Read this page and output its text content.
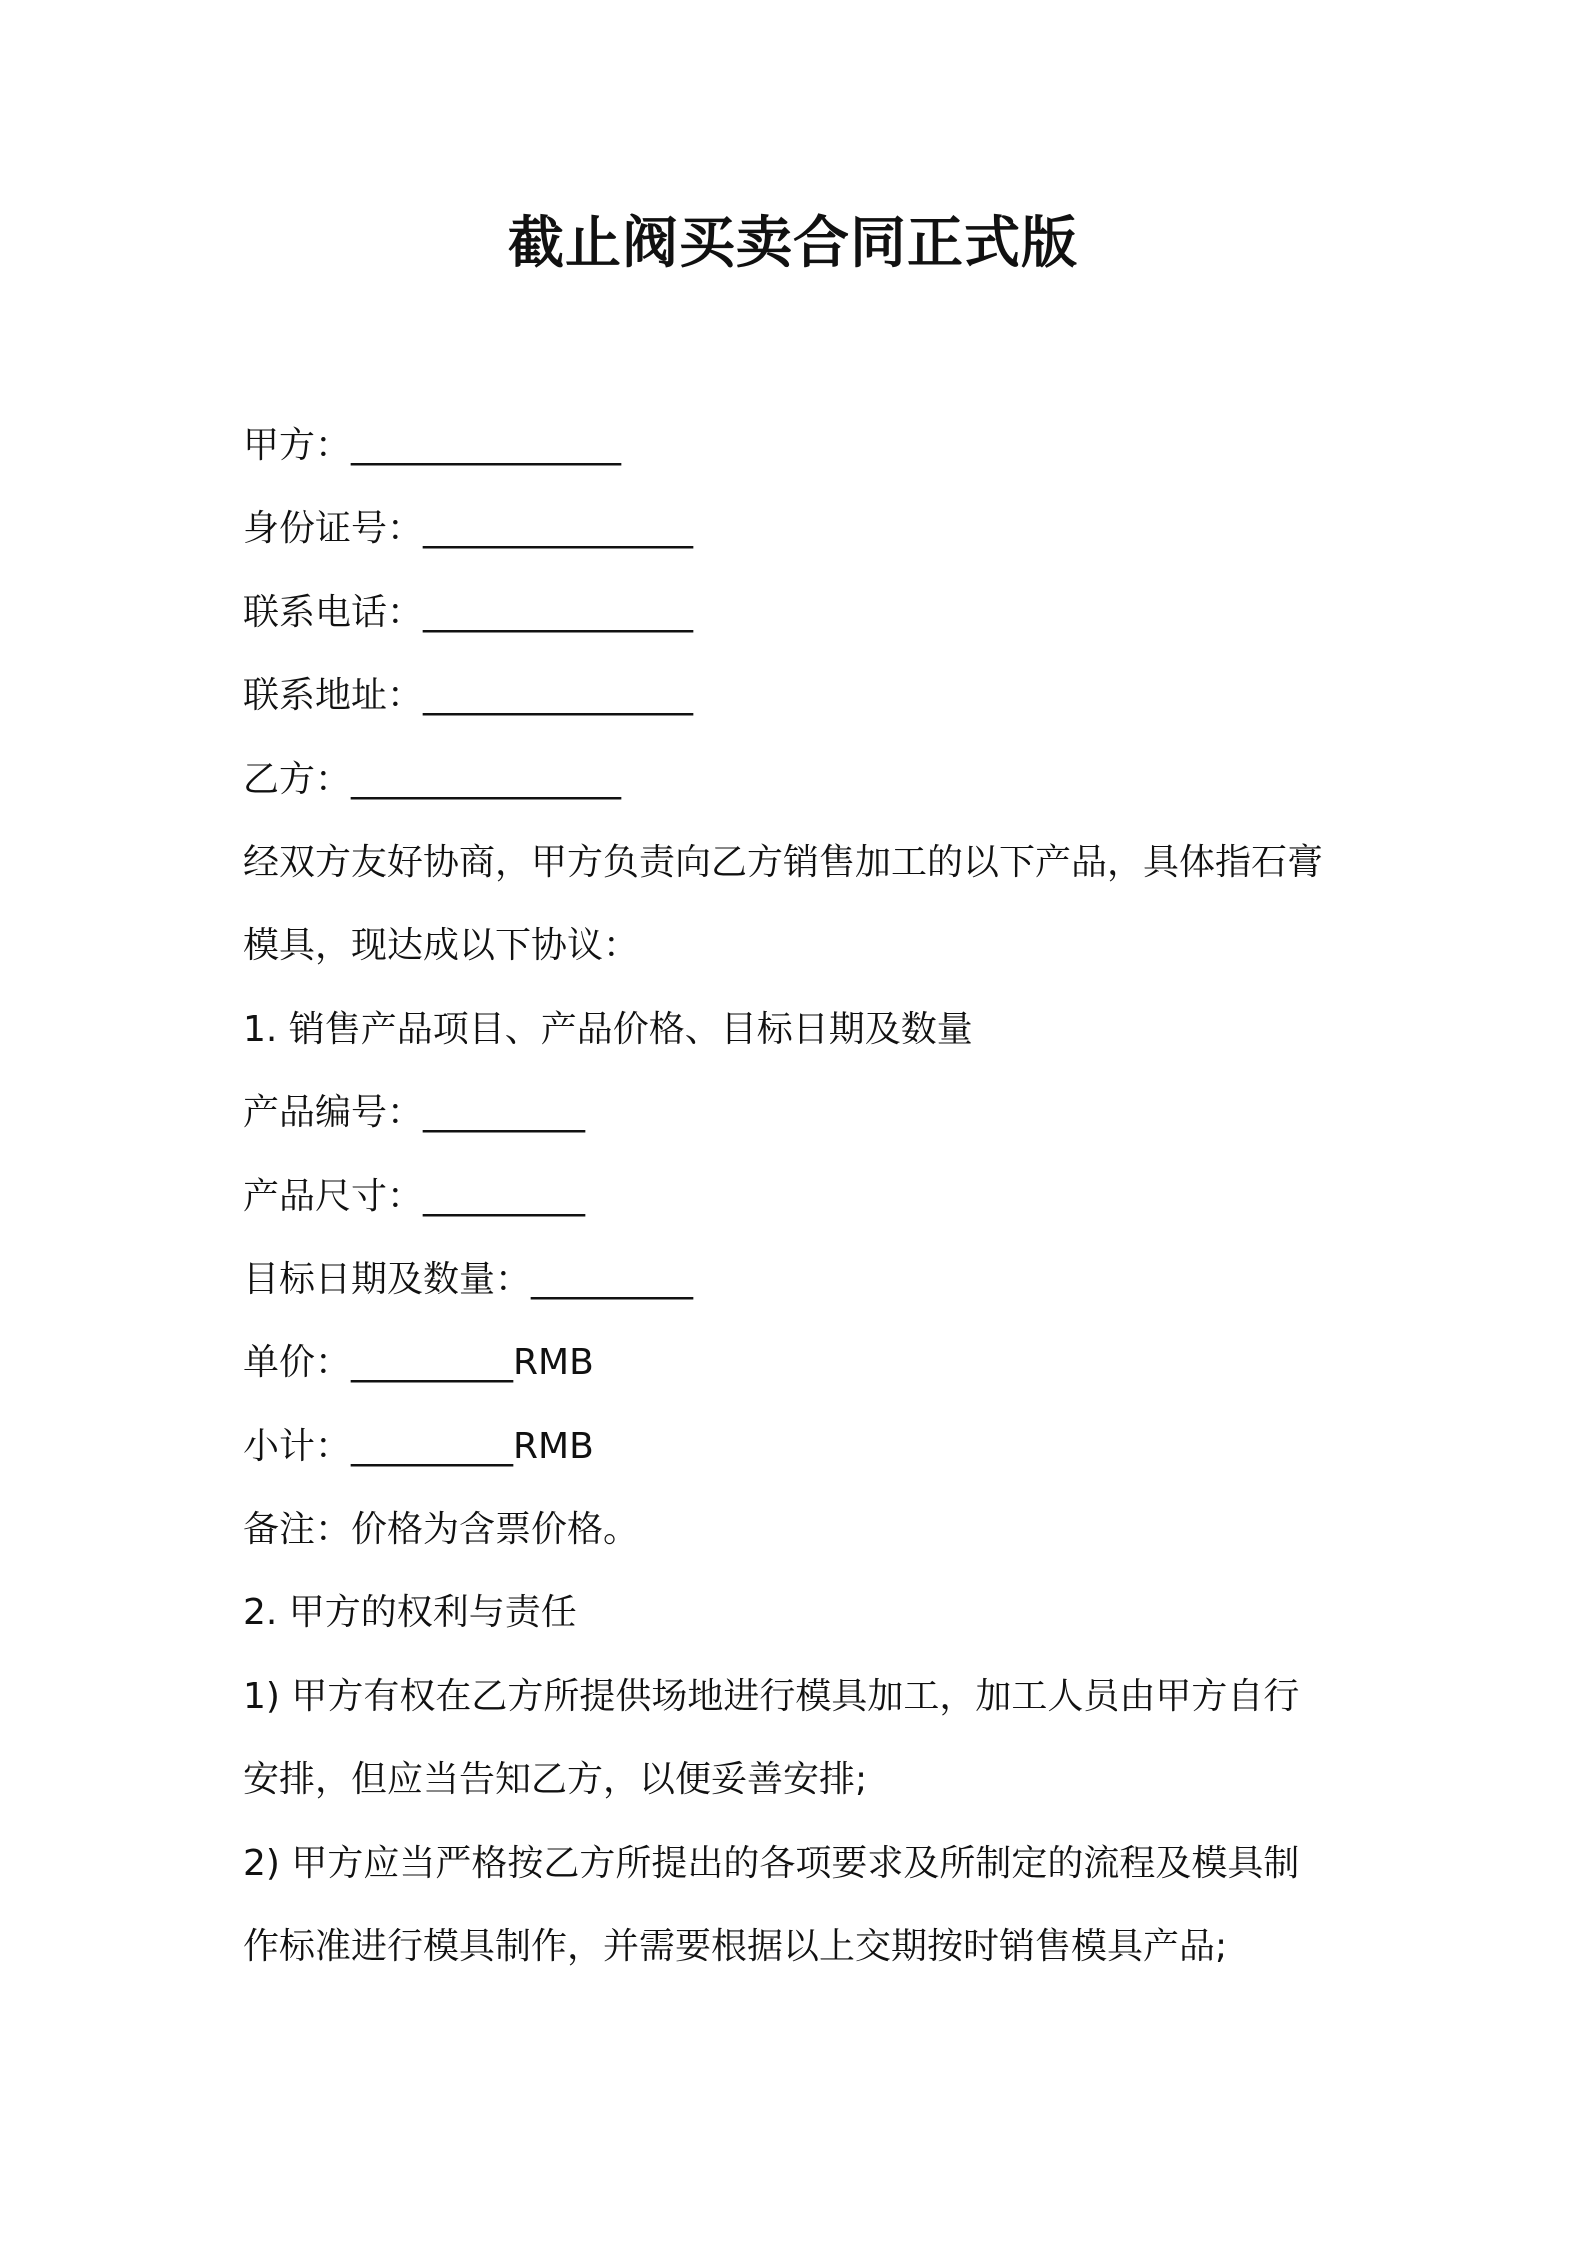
截止阀买卖合同正式版
甲方：_______________
身份证号：_______________
联系电话：_______________
联系地址：_______________
乙方：_______________
经双方友好协商，甲方负责向乙方销售加工的以下产品，具体指石膏
模具，现达成以下协议：
1. 销售产品项目、产品价格、目标日期及数量
产品编号：_________
产品尺寸：_________
目标日期及数量：_________
单价：_________RMB
小计：_________RMB
备注：价格为含票价格。
2. 甲方的权利与责任
1) 甲方有权在乙方所提供场地进行模具加工，加工人员由甲方自行
安排，但应当告知乙方，以便妥善安排;
2) 甲方应当严格按乙方所提出的各项要求及所制定的流程及模具制
作标准进行模具制作，并需要根据以上交期按时销售模具产品;
